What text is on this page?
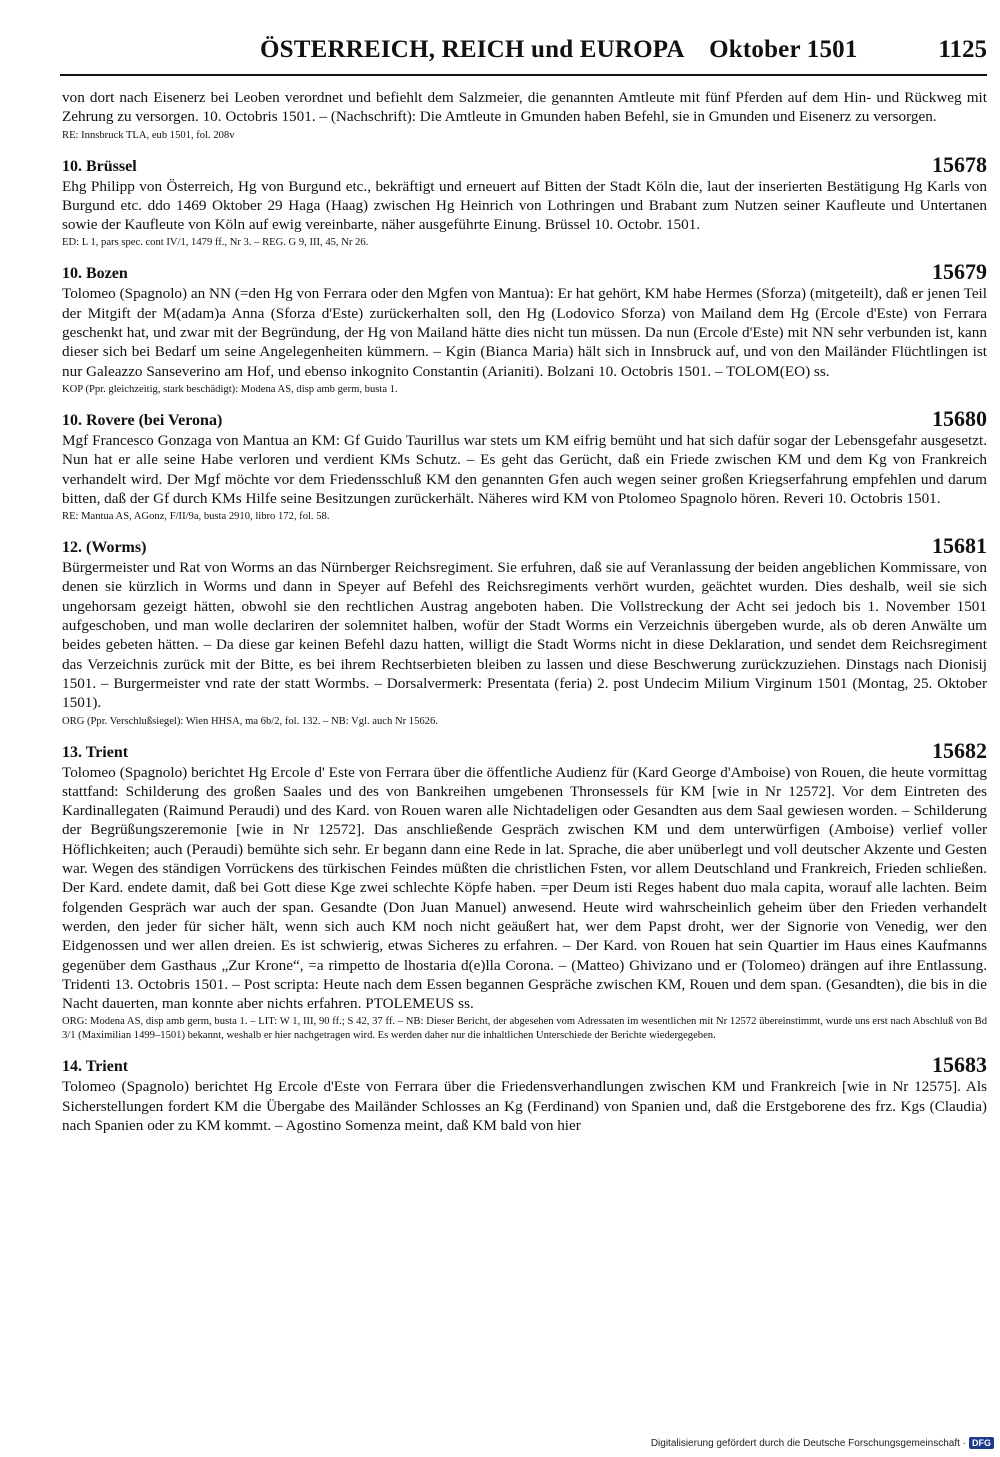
ÖSTERREICH, REICH und EUROPA    Oktober 1501	1125

von dort nach Eisenerz bei Leoben verordnet und befiehlt dem Salzmeier, die genannten Amtleute mit fünf Pferden auf dem Hin- und Rückweg mit Zehrung zu versorgen. 10. Octobris 1501. – (Nachschrift): Die Amtleute in Gmunden haben Befehl, sie in Gmunden und Eisenerz zu versorgen.

RE: Innsbruck TLA, eub 1501, fol. 208v

10. Brüssel	15678

Ehg Philipp von Österreich, Hg von Burgund etc., bekräftigt und erneuert auf Bitten der Stadt Köln die, laut der inserierten Bestätigung Hg Karls von Burgund etc. ddo 1469 Oktober 29 Haga (Haag) zwischen Hg Heinrich von Lothringen und Brabant zum Nutzen seiner Kaufleute und Untertanen sowie der Kaufleute von Köln auf ewig vereinbarte, näher ausgeführte Einung. Brüssel 10. Octobr. 1501.

ED: L 1, pars spec. cont IV/1, 1479 ff., Nr 3. – REG. G 9, III, 45, Nr 26.

10. Bozen	15679

Tolomeo (Spagnolo) an NN (=den Hg von Ferrara oder den Mgfen von Mantua): Er hat gehört, KM habe Hermes (Sforza) (mitgeteilt), daß er jenen Teil der Mitgift der M(adam)a Anna (Sforza d'Este) zurückerhalten soll, den Hg (Lodovico Sforza) von Mailand dem Hg (Ercole d'Este) von Ferrara geschenkt hat, und zwar mit der Begründung, der Hg von Mailand hätte dies nicht tun müssen. Da nun (Ercole d'Este) mit NN sehr verbunden ist, kann dieser sich bei Bedarf um seine Angelegenheiten kümmern. – Kgin (Bianca Maria) hält sich in Innsbruck auf, und von den Mailänder Flüchtlingen ist nur Galeazzo Sanseverino am Hof, und ebenso inkognito Constantin (Arianiti). Bolzani 10. Octobris 1501. – TOLOM(EO) ss.

KOP (Ppr. gleichzeitig, stark beschädigt): Modena AS, disp amb germ, busta 1.

10. Rovere (bei Verona)	15680

Mgf Francesco Gonzaga von Mantua an KM: Gf Guido Taurillus war stets um KM eifrig bemüht und hat sich dafür sogar der Lebensgefahr ausgesetzt. Nun hat er alle seine Habe verloren und verdient KMs Schutz. – Es geht das Gerücht, daß ein Friede zwischen KM und dem Kg von Frankreich verhandelt wird. Der Mgf möchte vor dem Friedensschluß KM den genannten Gfen auch wegen seiner großen Kriegserfahrung empfehlen und darum bitten, daß der Gf durch KMs Hilfe seine Besitzungen zurückerhält. Näheres wird KM von Ptolomeo Spagnolo hören. Reveri 10. Octobris 1501.

RE: Mantua AS, AGonz, F/II/9a, busta 2910, libro 172, fol. 58.

12. (Worms)	15681

Bürgermeister und Rat von Worms an das Nürnberger Reichsregiment. Sie erfuhren, daß sie auf Veranlassung der beiden angeblichen Kommissare, von denen sie kürzlich in Worms und dann in Speyer auf Befehl des Reichsregiments verhört wurden, geächtet wurden. Dies deshalb, weil sie sich ungehorsam gezeigt hätten, obwohl sie den rechtlichen Austrag angeboten haben. Die Vollstreckung der Acht sei jedoch bis 1. November 1501 aufgeschoben, und man wolle declariren der solemnitet halben, wofür der Stadt Worms ein Verzeichnis übergeben wurde, als ob deren Anwälte um beides gebeten hätten. – Da diese gar keinen Befehl dazu hatten, willigt die Stadt Worms nicht in diese Deklaration, und sendet dem Reichsregiment das Verzeichnis zurück mit der Bitte, es bei ihrem Rechtserbieten bleiben zu lassen und diese Beschwerung zurückzuziehen. Dinstags nach Dionisij 1501. – Burgermeister vnd rate der statt Wormbs. – Dorsalvermerk: Presentata (feria) 2. post Undecim Milium Virginum 1501 (Montag, 25. Oktober 1501).

ORG (Ppr. Verschlußsiegel): Wien HHSA, ma 6b/2, fol. 132. – NB: Vgl. auch Nr 15626.

13. Trient	15682

Tolomeo (Spagnolo) berichtet Hg Ercole d' Este von Ferrara über die öffentliche Audienz für (Kard George d'Amboise) von Rouen, die heute vormittag stattfand: Schilderung des großen Saales und des von Bankreihen umgebenen Thronsessels für KM [wie in Nr 12572]. Vor dem Eintreten des Kardinallegaten (Raimund Peraudi) und des Kard. von Rouen waren alle Nichtadeligen oder Gesandten aus dem Saal gewiesen worden. – Schilderung der Begrüßungszeremonie [wie in Nr 12572]. Das anschließende Gespräch zwischen KM und dem unterwürfigen (Amboise) verlief voller Höflichkeiten; auch (Peraudi) bemühte sich sehr. Er begann dann eine Rede in lat. Sprache, die aber unüberlegt und voll deutscher Akzente und Gesten war. Wegen des ständigen Vorrückens des türkischen Feindes müßten die christlichen Fsten, vor allem Deutschland und Frankreich, Frieden schließen. Der Kard. endete damit, daß bei Gott diese Kge zwei schlechte Köpfe haben. =per Deum isti Reges habent duo mala capita, worauf alle lachten. Beim folgenden Gespräch war auch der span. Gesandte (Don Juan Manuel) anwesend. Heute wird wahrscheinlich geheim über den Frieden verhandelt werden, den jeder für sicher hält, wenn sich auch KM noch nicht geäußert hat, wer dem Papst droht, wer der Signorie von Venedig, wer den Eidgenossen und wer allen dreien. Es ist schwierig, etwas Sicheres zu erfahren. – Der Kard. von Rouen hat sein Quartier im Haus eines Kaufmanns gegenüber dem Gasthaus „Zur Krone“, =a rimpetto de lhostaria d(e)lla Corona. – (Matteo) Ghivizano und er (Tolomeo) drängen auf ihre Entlassung. Tridenti 13. Octobris 1501. – Post scripta: Heute nach dem Essen begannen Gespräche zwischen KM, Rouen und dem span. (Gesandten), die bis in die Nacht dauerten, man konnte aber nichts erfahren. PTOLEMEUS ss.

ORG: Modena AS, disp amb germ, busta 1. – LIT: W 1, III, 90 ff.; S 42, 37 ff. – NB: Dieser Bericht, der abgesehen vom Adressaten im wesentlichen mit Nr 12572 übereinstimmt, wurde uns erst nach Abschluß von Bd 3/1 (Maximilian 1499–1501) bekannt, weshalb er hier nachgetragen wird. Es werden daher nur die inhaltlichen Unterschiede der Berichte wiedergegeben.

14. Trient	15683

Tolomeo (Spagnolo) berichtet Hg Ercole d'Este von Ferrara über die Friedensverhandlungen zwischen KM und Frankreich [wie in Nr 12575]. Als Sicherstellungen fordert KM die Übergabe des Mailänder Schlosses an Kg (Ferdinand) von Spanien und, daß die Erstgeborene des frz. Kgs (Claudia) nach Spanien oder zu KM kommt. – Agostino Somenza meint, daß KM bald von hier

Digitalisierung gefördert durch die Deutsche Forschungsgemeinschaft · DFG
